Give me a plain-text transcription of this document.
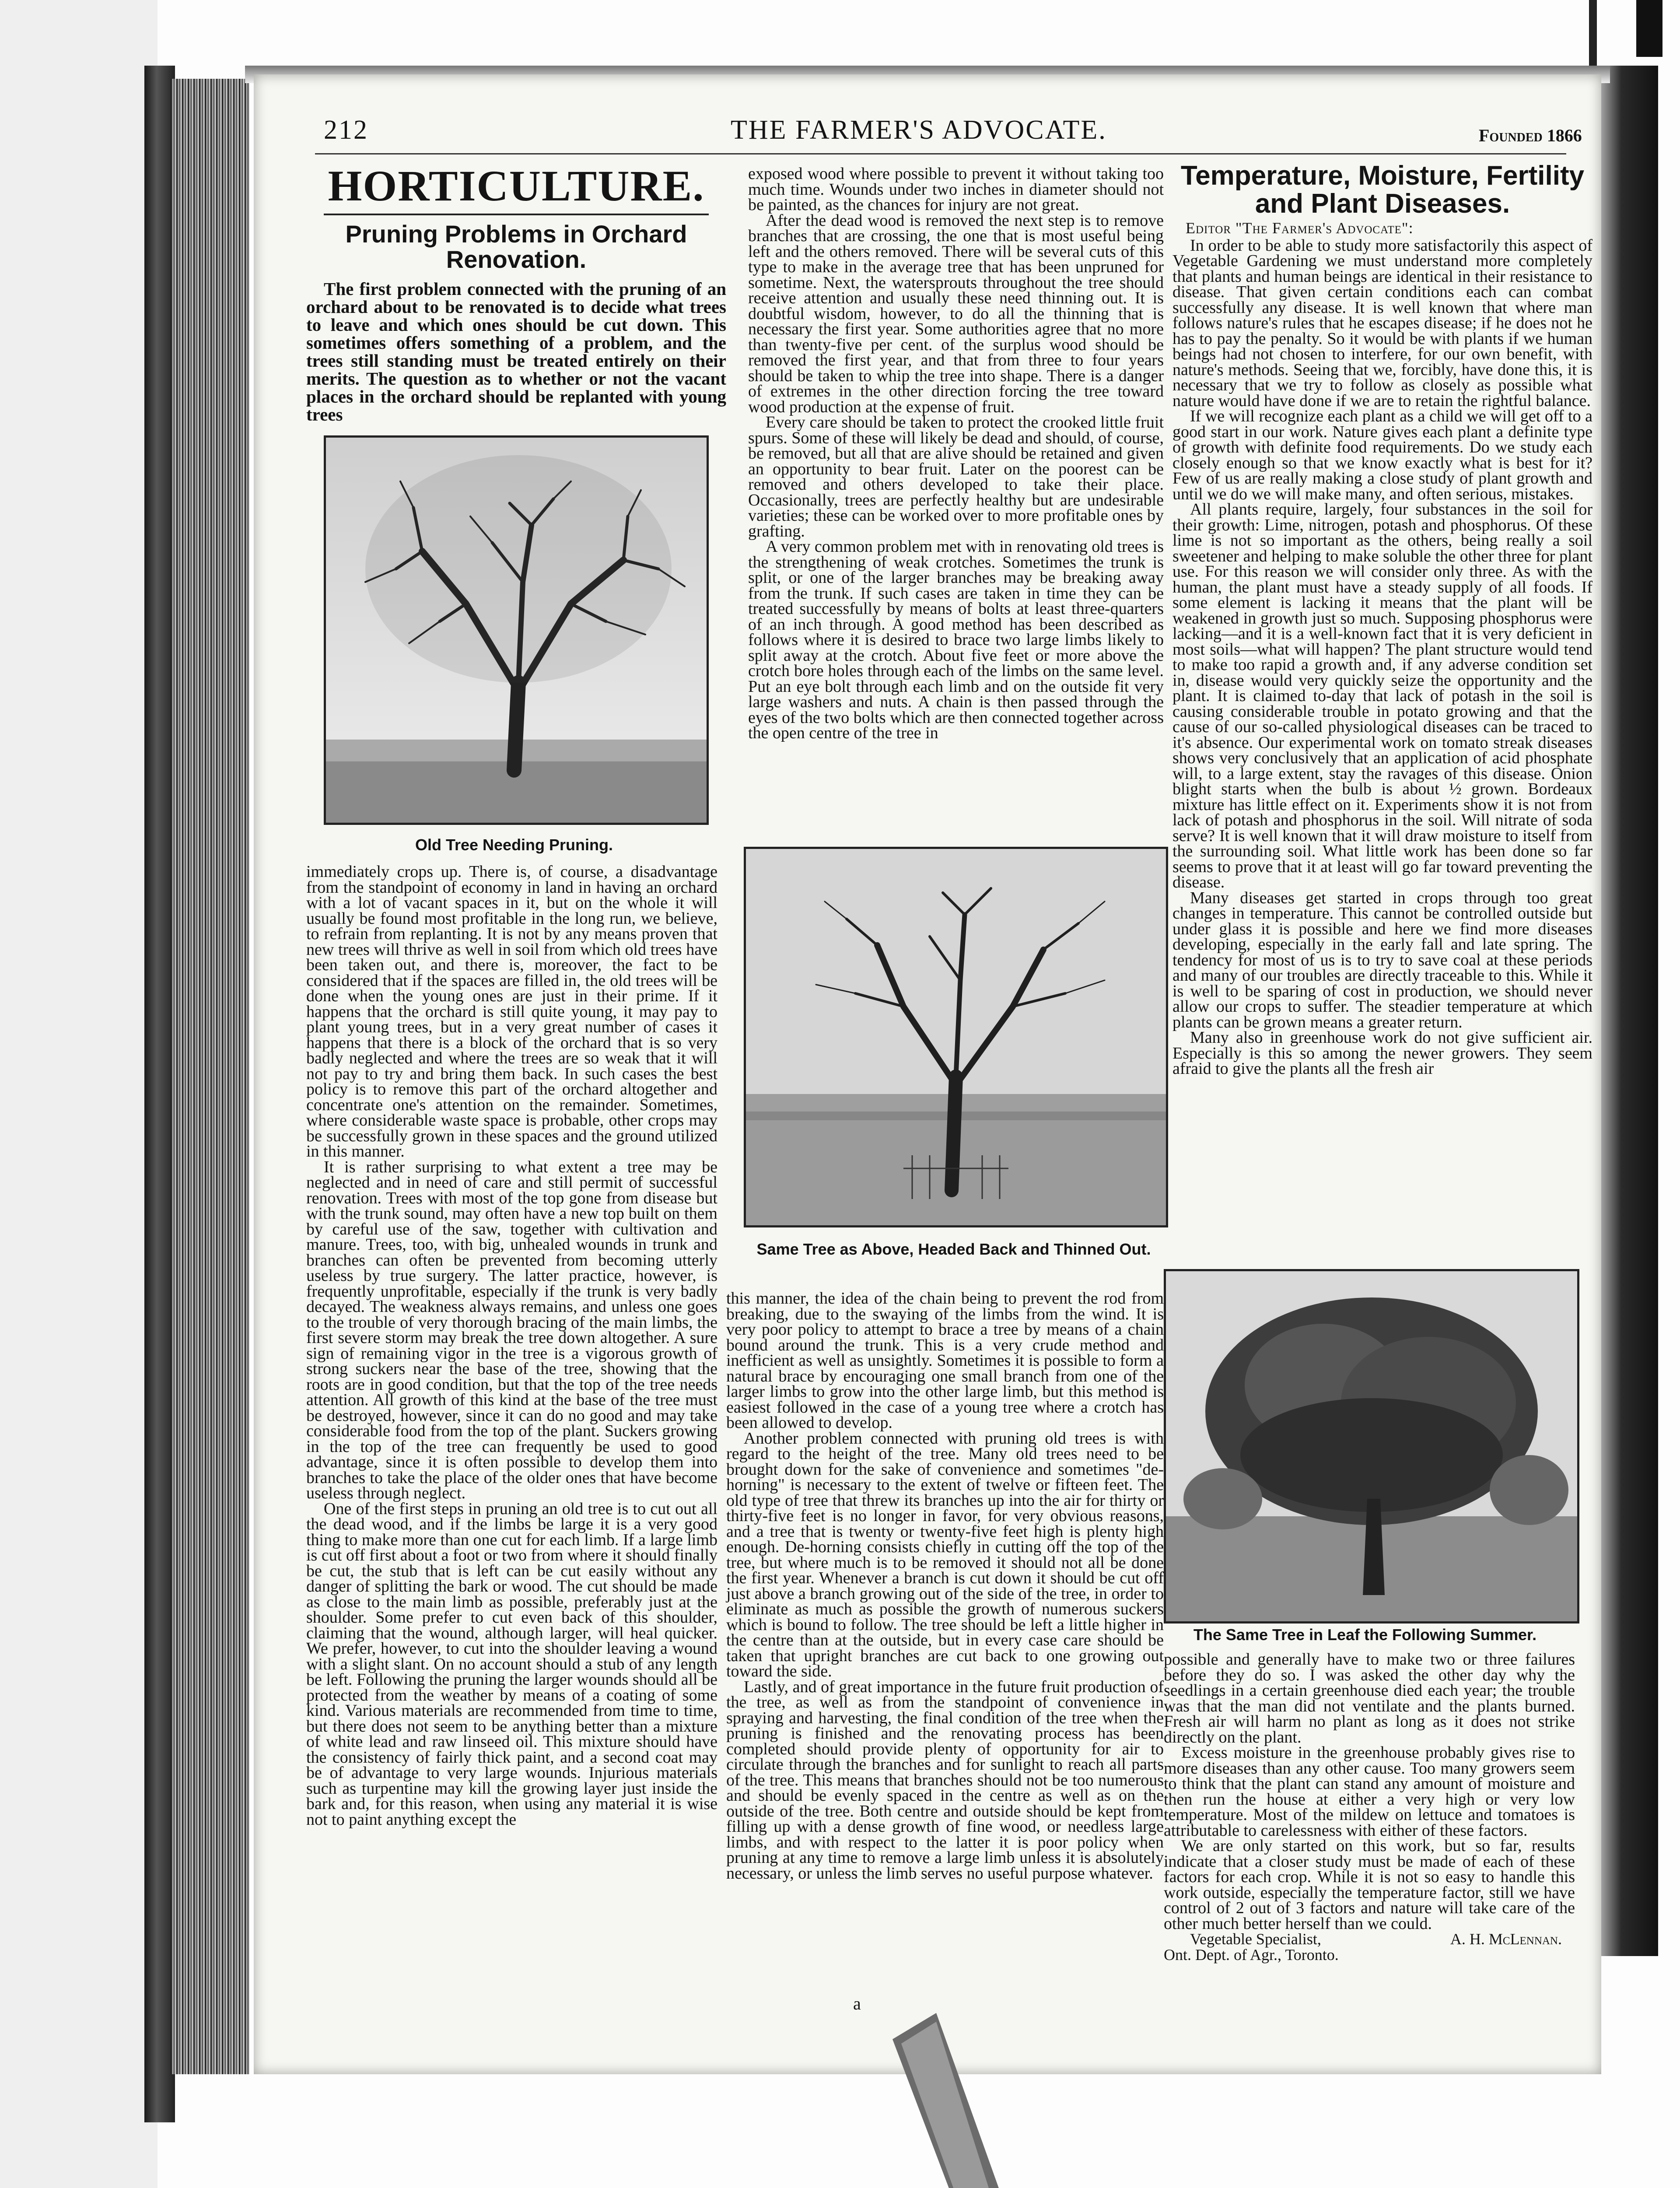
212	THE FARMER'S ADVOCATE.	Founded 1866
HORTICULTURE.
Pruning Problems in Orchard Renovation.

The first problem connected with the pruning of an orchard about to be renovated is to decide what trees to leave and which ones should be cut down. This sometimes offers something of a problem, and the trees still standing must be treated entirely on their merits. The question as to whether or not the vacant places in the orchard should be replanted with young trees

Old Tree Needing Pruning.

immediately crops up. There is, of course, a disadvantage from the standpoint of economy in land in having an orchard with a lot of vacant spaces in it, but on the whole it will usually be found most profitable in the long run, we believe, to refrain from replanting. It is not by any means proven that new trees will thrive as well in soil from which old trees have been taken out, and there is, moreover, the fact to be considered that if the spaces are filled in, the old trees will be done when the young ones are just in their prime. If it happens that the orchard is still quite young, it may pay to plant young trees, but in a very great number of cases it happens that there is a block of the orchard that is so very badly neglected and where the trees are so weak that it will not pay to try and bring them back. In such cases the best policy is to remove this part of the orchard altogether and concentrate one's attention on the remainder. Sometimes, where considerable waste space is probable, other crops may be successfully grown in these spaces and the ground utilized in this manner.

It is rather surprising to what extent a tree may be neglected and in need of care and still permit of successful renovation. Trees with most of the top gone from disease but with the trunk sound, may often have a new top built on them by careful use of the saw, together with cultivation and manure. Trees, too, with big, unhealed wounds in trunk and branches can often be prevented from becoming utterly useless by true surgery. The latter practice, however, is frequently unprofitable, especially if the trunk is very badly decayed. The weakness always remains, and unless one goes to the trouble of very thorough bracing of the main limbs, the first severe storm may break the tree down altogether. A sure sign of remaining vigor in the tree is a vigorous growth of strong suckers near the base of the tree, showing that the roots are in good condition, but that the top of the tree needs attention. All growth of this kind at the base of the tree must be destroyed, however, since it can do no good and may take considerable food from the top of the plant. Suckers growing in the top of the tree can frequently be used to good advantage, since it is often possible to develop them into branches to take the place of the older ones that have become useless through neglect.

One of the first steps in pruning an old tree is to cut out all the dead wood, and if the limbs be large it is a very good thing to make more than one cut for each limb. If a large limb is cut off first about a foot or two from where it should finally be cut, the stub that is left can be cut easily without any danger of splitting the bark or wood. The cut should be made as close to the main limb as possible, preferably just at the shoulder. Some prefer to cut even back of this shoulder, claiming that the wound, although larger, will heal quicker. We prefer, however, to cut into the shoulder leaving a wound with a slight slant. On no account should a stub of any length be left. Following the pruning the larger wounds should all be protected from the weather by means of a coating of some kind. Various materials are recommended from time to time, but there does not seem to be anything better than a mixture of white lead and raw linseed oil. This mixture should have the consistency of fairly thick paint, and a second coat may be of advantage to very large wounds. Injurious materials such as turpentine may kill the growing layer just inside the bark and, for this reason, when using any material it is wise not to paint anything except the

exposed wood where possible to prevent it without taking too much time. Wounds under two inches in diameter should not be painted, as the chances for injury are not great.

After the dead wood is removed the next step is to remove branches that are crossing, the one that is most useful being left and the others removed. There will be several cuts of this type to make in the average tree that has been unpruned for sometime. Next, the watersprouts throughout the tree should receive attention and usually these need thinning out. It is doubtful wisdom, however, to do all the thinning that is necessary the first year. Some authorities agree that no more than twenty-five per cent. of the surplus wood should be removed the first year, and that from three to four years should be taken to whip the tree into shape. There is a danger of extremes in the other direction forcing the tree toward wood production at the expense of fruit.

Every care should be taken to protect the crooked little fruit spurs. Some of these will likely be dead and should, of course, be removed, but all that are alive should be retained and given an opportunity to bear fruit. Later on the poorest can be removed and others developed to take their place. Occasionally, trees are perfectly healthy but are undesirable varieties; these can be worked over to more profitable ones by grafting.

A very common problem met with in renovating old trees is the strengthening of weak crotches. Sometimes the trunk is split, or one of the larger branches may be breaking away from the trunk. If such cases are taken in time they can be treated successfully by means of bolts at least three-quarters of an inch through. A good method has been described as follows where it is desired to brace two large limbs likely to split away at the crotch. About five feet or more above the crotch bore holes through each of the limbs on the same level. Put an eye bolt through each limb and on the outside fit very large washers and nuts. A chain is then passed through the eyes of the two bolts which are then connected together across the open centre of the tree in

Same Tree as Above, Headed Back and Thinned Out.

this manner, the idea of the chain being to prevent the rod from breaking, due to the swaying of the limbs from the wind. It is very poor policy to attempt to brace a tree by means of a chain bound around the trunk. This is a very crude method and inefficient as well as unsightly. Sometimes it is possible to form a natural brace by encouraging one small branch from one of the larger limbs to grow into the other large limb, but this method is easiest followed in the case of a young tree where a crotch has been allowed to develop.

Another problem connected with pruning old trees is with regard to the height of the tree. Many old trees need to be brought down for the sake of convenience and sometimes "de-horning" is necessary to the extent of twelve or fifteen feet. The old type of tree that threw its branches up into the air for thirty or thirty-five feet is no longer in favor, for very obvious reasons, and a tree that is twenty or twenty-five feet high is plenty high enough. De-horning consists chiefly in cutting off the top of the tree, but where much is to be removed it should not all be done the first year. Whenever a branch is cut down it should be cut off just above a branch growing out of the side of the tree, in order to eliminate as much as possible the growth of numerous suckers which is bound to follow. The tree should be left a little higher in the centre than at the outside, but in every case care should be taken that upright branches are cut back to one growing out toward the side.

Lastly, and of great importance in the future fruit production of the tree, as well as from the standpoint of convenience in spraying and harvesting, the final condition of the tree when the pruning is finished and the renovating process has been completed should provide plenty of opportunity for air to circulate through the branches and for sunlight to reach all parts of the tree. This means that branches should not be too numerous and should be evenly spaced in the centre as well as on the outside of the tree. Both centre and outside should be kept from filling up with a dense growth of fine wood, or needless large limbs, and with respect to the latter it is poor policy when pruning at any time to remove a large limb unless it is absolutely necessary, or unless the limb serves no useful purpose whatever.

Temperature, Moisture, Fertility and Plant Diseases.
Editor "The Farmer's Advocate":

In order to be able to study more satisfactorily this aspect of Vegetable Gardening we must understand more completely that plants and human beings are identical in their resistance to disease. That given certain conditions each can combat successfully any disease. It is well known that where man follows nature's rules that he escapes disease; if he does not he has to pay the penalty. So it would be with plants if we human beings had not chosen to interfere, for our own benefit, with nature's methods. Seeing that we, forcibly, have done this, it is necessary that we try to follow as closely as possible what nature would have done if we are to retain the rightful balance.

If we will recognize each plant as a child we will get off to a good start in our work. Nature gives each plant a definite type of growth with definite food requirements. Do we study each closely enough so that we know exactly what is best for it? Few of us are really making a close study of plant growth and until we do we will make many, and often serious, mistakes.

All plants require, largely, four substances in the soil for their growth: Lime, nitrogen, potash and phosphorus. Of these lime is not so important as the others, being really a soil sweetener and helping to make soluble the other three for plant use. For this reason we will consider only three. As with the human, the plant must have a steady supply of all foods. If some element is lacking it means that the plant will be weakened in growth just so much. Supposing phosphorus were lacking—and it is a well-known fact that it is very deficient in most soils—what will happen? The plant structure would tend to make too rapid a growth and, if any adverse condition set in, disease would very quickly seize the opportunity and the plant. It is claimed to-day that lack of potash in the soil is causing considerable trouble in potato growing and that the cause of our so-called physiological diseases can be traced to it's absence. Our experimental work on tomato streak diseases shows very conclusively that an application of acid phosphate will, to a large extent, stay the ravages of this disease. Onion blight starts when the bulb is about ½ grown. Bordeaux mixture has little effect on it. Experiments show it is not from lack of potash and phosphorus in the soil. Will nitrate of soda serve? It is well known that it will draw moisture to itself from the surrounding soil. What little work has been done so far seems to prove that it at least will go far toward preventing the disease.

Many diseases get started in crops through too great changes in temperature. This cannot be controlled outside but under glass it is possible and here we find more diseases developing, especially in the early fall and late spring. The tendency for most of us is to try to save coal at these periods and many of our troubles are directly traceable to this. While it is well to be sparing of cost in production, we should never allow our crops to suffer. The steadier temperature at which plants can be grown means a greater return.

Many also in greenhouse work do not give sufficient air. Especially is this so among the newer growers. They seem afraid to give the plants all the fresh air

The Same Tree in Leaf the Following Summer.

possible and generally have to make two or three failures before they do so. I was asked the other day why the seedlings in a certain greenhouse died each year; the trouble was that the man did not ventilate and the plants burned. Fresh air will harm no plant as long as it does not strike directly on the plant.

Excess moisture in the greenhouse probably gives rise to more diseases than any other cause. Too many growers seem to think that the plant can stand any amount of moisture and then run the house at either a very high or very low temperature. Most of the mildew on lettuce and tomatoes is attributable to carelessness with either of these factors.

We are only started on this work, but so far, results indicate that a closer study must be made of each of these factors for each crop. While it is not so easy to handle this work outside, especially the temperature factor, still we have control of 2 out of 3 factors and nature will take care of the other much better herself than we could.

Vegetable Specialist,
Ont. Dept. of Agr., Toronto.
A. H. McLennan.
a
